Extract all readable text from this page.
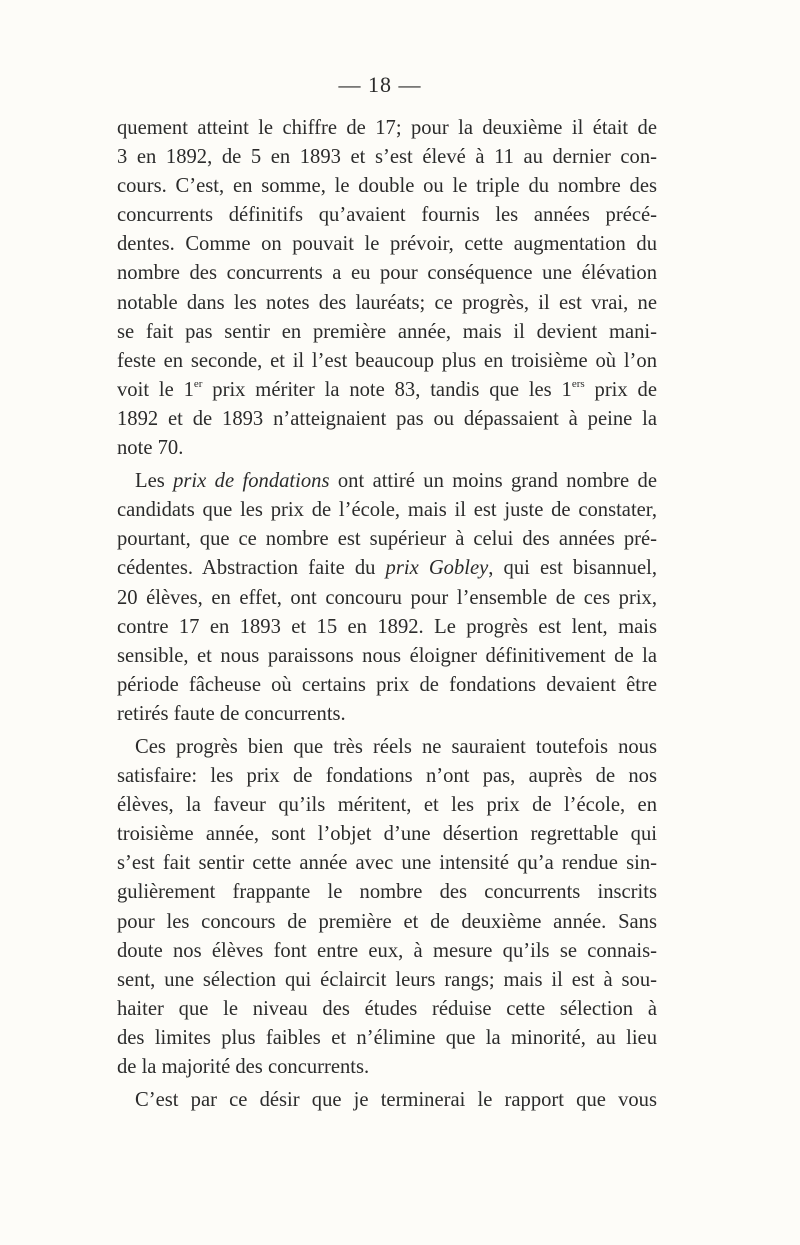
— 18 —
quement atteint le chiffre de 17; pour la deuxième il était de
3 en 1892, de 5 en 1893 et s’est élevé à 11 au dernier con-
cours. C’est, en somme, le double ou le triple du nombre des
concurrents définitifs qu’avaient fournis les années précé-
dentes. Comme on pouvait le prévoir, cette augmentation du
nombre des concurrents a eu pour conséquence une élévation
notable dans les notes des lauréats; ce progrès, il est vrai, ne
se fait pas sentir en première année, mais il devient mani-
feste en seconde, et il l’est beaucoup plus en troisième où l’on
voit le 1er prix mériter la note 83, tandis que les 1ers prix de
1892 et de 1893 n’atteignaient pas ou dépassaient à peine la
note 70.
Les prix de fondations ont attiré un moins grand nombre de
candidats que les prix de l’école, mais il est juste de constater,
pourtant, que ce nombre est supérieur à celui des années pré-
cédentes. Abstraction faite du prix Gobley, qui est bisannuel,
20 élèves, en effet, ont concouru pour l’ensemble de ces prix,
contre 17 en 1893 et 15 en 1892. Le progrès est lent, mais
sensible, et nous paraissons nous éloigner définitivement de la
période fâcheuse où certains prix de fondations devaient être
retirés faute de concurrents.
Ces progrès bien que très réels ne sauraient toutefois nous
satisfaire: les prix de fondations n’ont pas, auprès de nos
élèves, la faveur qu’ils méritent, et les prix de l’école, en
troisième année, sont l’objet d’une désertion regrettable qui
s’est fait sentir cette année avec une intensité qu’a rendue sin-
gulièrement frappante le nombre des concurrents inscrits
pour les concours de première et de deuxième année. Sans
doute nos élèves font entre eux, à mesure qu’ils se connais-
sent, une sélection qui éclaircit leurs rangs; mais il est à sou-
haiter que le niveau des études réduise cette sélection à
des limites plus faibles et n’élimine que la minorité, au lieu
de la majorité des concurrents.
C’est par ce désir que je terminerai le rapport que vous
